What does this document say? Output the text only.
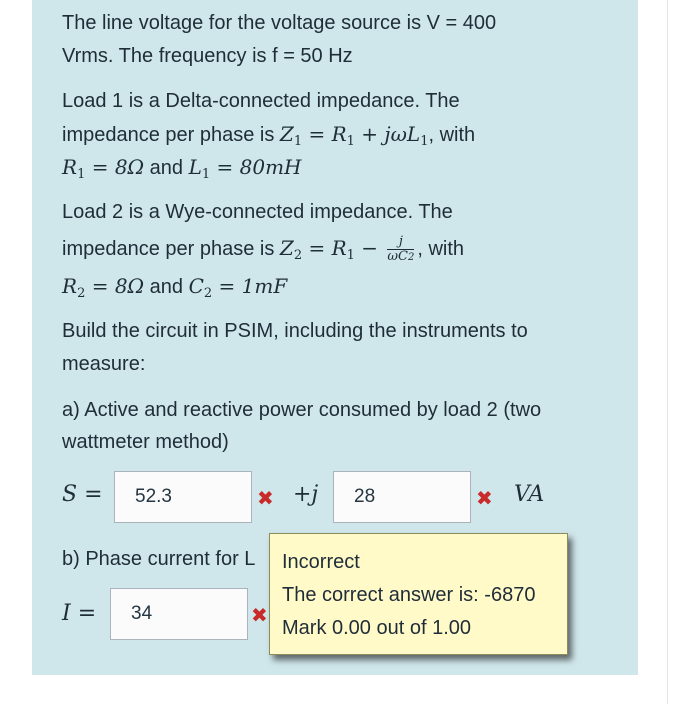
The line voltage for the voltage source is V = 400
Vrms. The frequency is f = 50 Hz
Load 1 is a Delta-connected impedance. The
impedance per phase is $Z_1 = R_1 + j\omega L_1$, with
$R_1 = 8\Omega$ and $L_1 = 80mH$
Load 2 is a Wye-connected impedance. The
impedance per phase is $Z_2 = R_1 - \frac{j}{\omega C2}$ , with
$R_2 = 8\Omega$ and $C_2 = 1mF$
Build the circuit in PSIM, including the instruments to
measure:
a) Active and reactive power consumed by load 2 (two
wattmeter method)
S =	52.3	✖ +j	28	✖ VA
b) Phase current for L
I =	34	✖
Incorrect
The correct answer is: -6870
Mark 0.00 out of 1.00
